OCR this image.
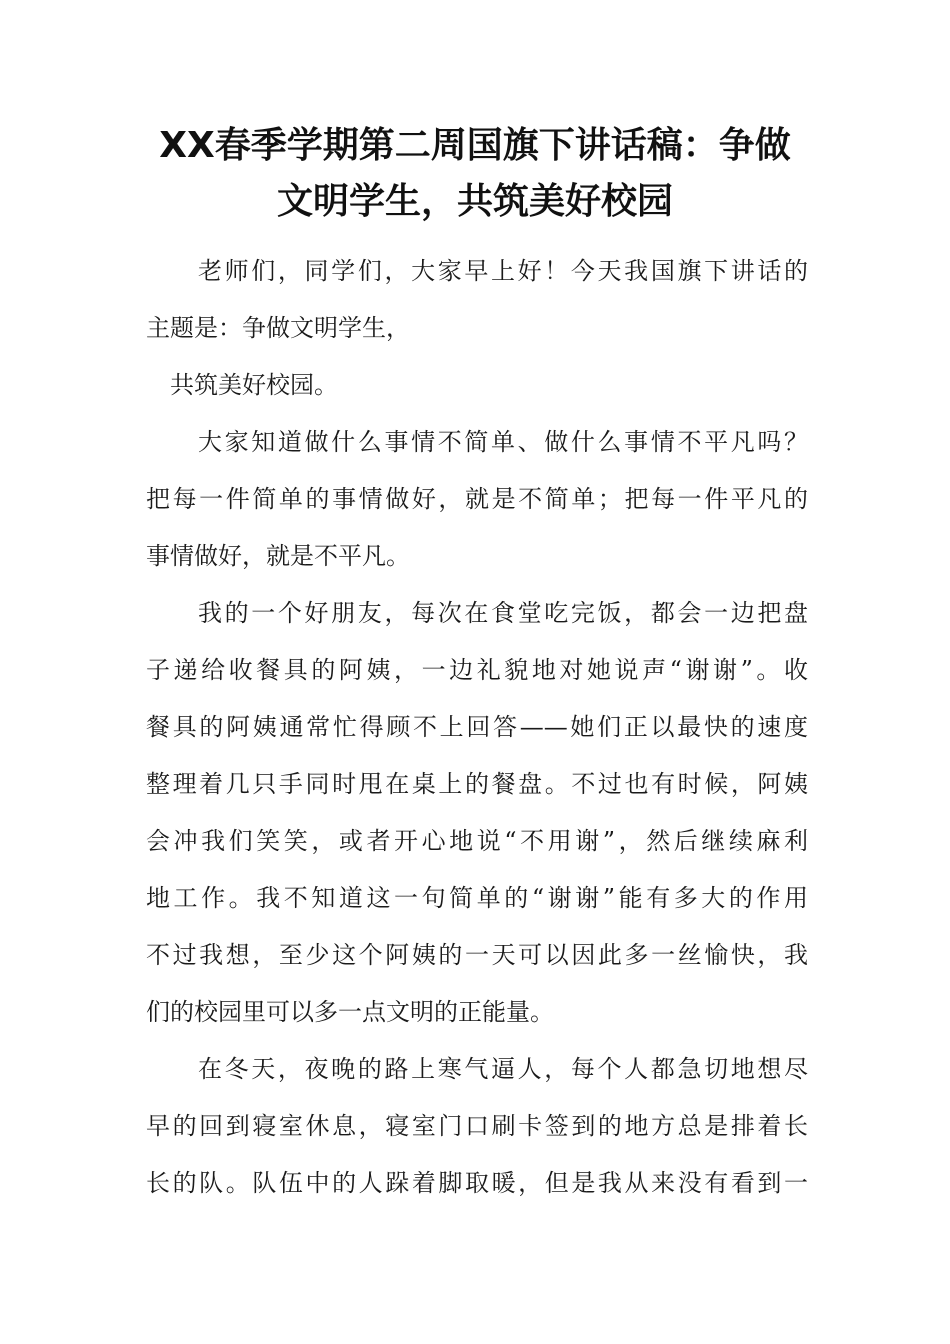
XX春季学期第二周国旗下讲话稿：争做
文明学生，共筑美好校园
老师们，同学们，大家早上好！今天我国旗下讲话的
主题是：争做文明学生，
共筑美好校园。
大家知道做什么事情不简单、做什么事情不平凡吗？
把每一件简单的事情做好，就是不简单；把每一件平凡的
事情做好，就是不平凡。
我的一个好朋友，每次在食堂吃完饭，都会一边把盘
子递给收餐具的阿姨，一边礼貌地对她说声“谢谢”。收
餐具的阿姨通常忙得顾不上回答——她们正以最快的速度
整理着几只手同时甩在桌上的餐盘。不过也有时候，阿姨
会冲我们笑笑，或者开心地说“不用谢”，然后继续麻利
地工作。我不知道这一句简单的“谢谢”能有多大的作用
不过我想，至少这个阿姨的一天可以因此多一丝愉快，我
们的校园里可以多一点文明的正能量。
在冬天，夜晚的路上寒气逼人，每个人都急切地想尽
早的回到寝室休息，寝室门口刷卡签到的地方总是排着长
长的队。队伍中的人跺着脚取暖，但是我从来没有看到一
